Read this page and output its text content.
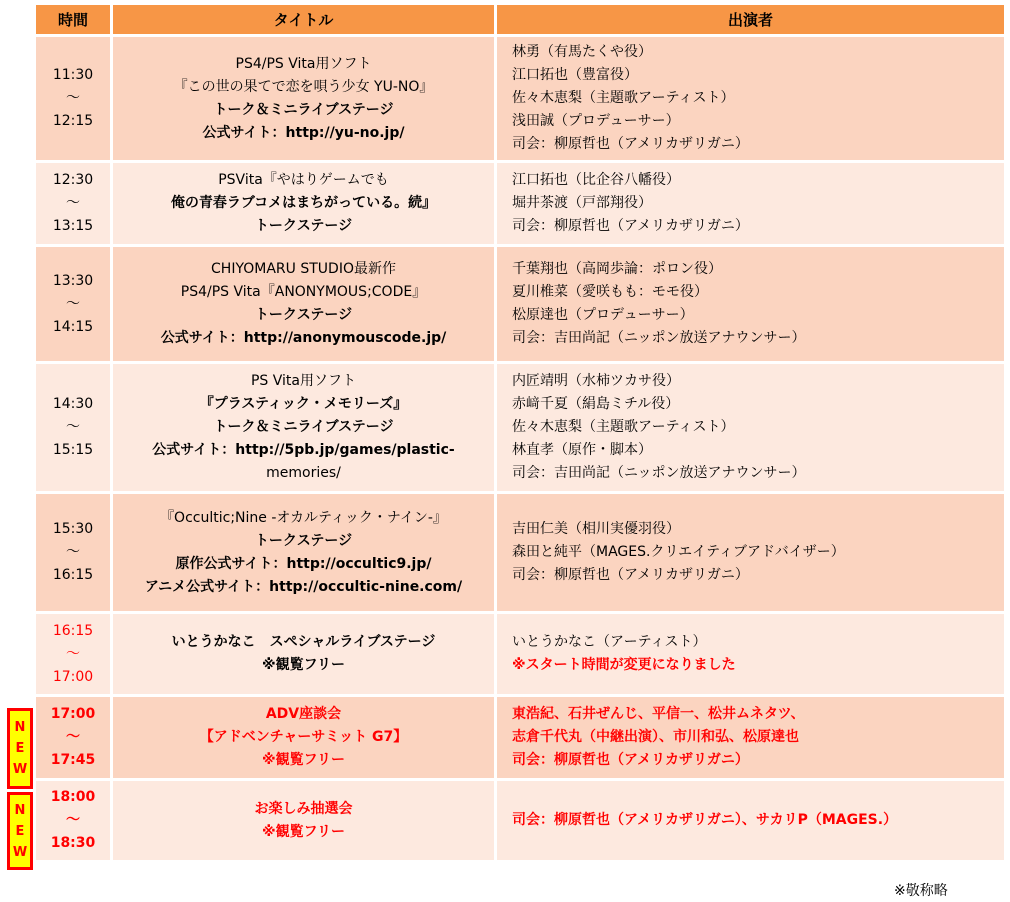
時間	タイトル	出演者

11:30
～
12:15	PS4/PS Vita用ソフト
『この世の果てで恋を唄う少女 YU-NO』
トーク＆ミニライブステージ
公式サイト：http://yu-no.jp/	林勇（有馬たくや役）
江口拓也（豊富役）
佐々木恵梨（主題歌アーティスト）
浅田誠（プロデューサー）
司会：柳原哲也（アメリカザリガニ）

12:30
～
13:15	PSVita『やはりゲームでも
俺の青春ラブコメはまちがっている。続』
トークステージ	江口拓也（比企谷八幡役）
堀井茶渡（戸部翔役）
司会：柳原哲也（アメリカザリガニ）

13:30
～
14:15	CHIYOMARU STUDIO最新作
PS4/PS Vita『ANONYMOUS;CODE』
トークステージ
公式サイト：http://anonymouscode.jp/	千葉翔也（高岡歩論：ポロン役）
夏川椎菜（愛咲もも：モモ役）
松原達也（プロデューサー）
司会：吉田尚記（ニッポン放送アナウンサー）

14:30
～
15:15	PS Vita用ソフト
『プラスティック・メモリーズ』
トーク＆ミニライブステージ
公式サイト：http://5pb.jp/games/plastic-
memories/	内匠靖明（水柿ツカサ役）
赤﨑千夏（絹島ミチル役）
佐々木恵梨（主題歌アーティスト）
林直孝（原作・脚本）
司会：吉田尚記（ニッポン放送アナウンサー）

15:30
～
16:15	『Occultic;Nine -オカルティック・ナイン-』
トークステージ
原作公式サイト：http://occultic9.jp/
アニメ公式サイト：http://occultic-nine.com/	吉田仁美（相川実優羽役）
森田と純平（MAGES.クリエイティブアドバイザー）
司会：柳原哲也（アメリカザリガニ）

16:15
～
17:00	いとうかなこ　スペシャルライブステージ
※観覧フリー	いとうかなこ（アーティスト）
※スタート時間が変更になりました

17:00
～
17:45	ADV座談会
【アドベンチャーサミット G7】
※観覧フリー	東浩紀、石井ぜんじ、平信一、松井ムネタツ、
志倉千代丸（中継出演）、市川和弘、松原達也
司会：柳原哲也（アメリカザリガニ）

18:00
～
18:30	お楽しみ抽選会
※観覧フリー	司会：柳原哲也（アメリカザリガニ）、サカリP（MAGES.）
N
E
W
N
E
W
※敬称略
